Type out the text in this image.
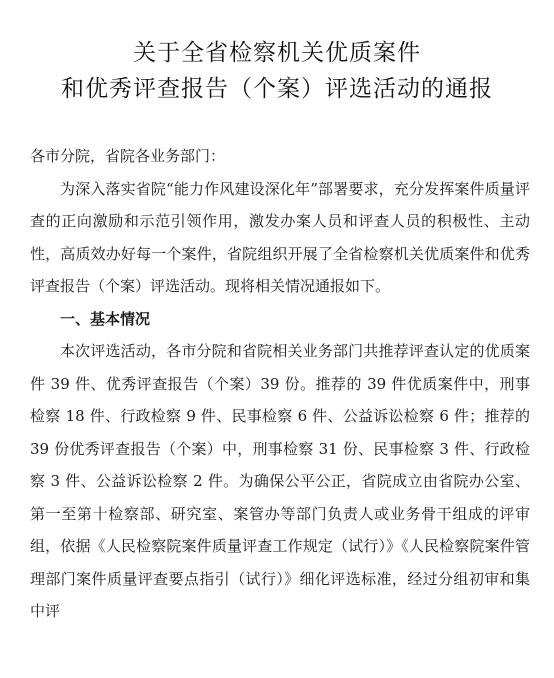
关于全省检察机关优质案件
和优秀评查报告（个案）评选活动的通报

各市分院，省院各业务部门：

为深入落实省院“能力作风建设深化年”部署要求，充分发挥案件质量评查的正向激励和示范引领作用，激发办案人员和评查人员的积极性、主动性，高质效办好每一个案件，省院组织开展了全省检察机关优质案件和优秀评查报告（个案）评选活动。现将相关情况通报如下。

一、基本情况

本次评选活动，各市分院和省院相关业务部门共推荐评查认定的优质案件 39 件、优秀评查报告（个案）39 份。推荐的 39 件优质案件中，刑事检察 18 件、行政检察 9 件、民事检察 6 件、公益诉讼检察 6 件；推荐的 39 份优秀评查报告（个案）中，刑事检察 31 份、民事检察 3 件、行政检察 3 件、公益诉讼检察 2 件。为确保公平公正，省院成立由省院办公室、第一至第十检察部、研究室、案管办等部门负责人或业务骨干组成的评审组，依据《人民检察院案件质量评查工作规定（试行）》《人民检察院案件管理部门案件质量评查要点指引（试行）》细化评选标准，经过分组初审和集中评
